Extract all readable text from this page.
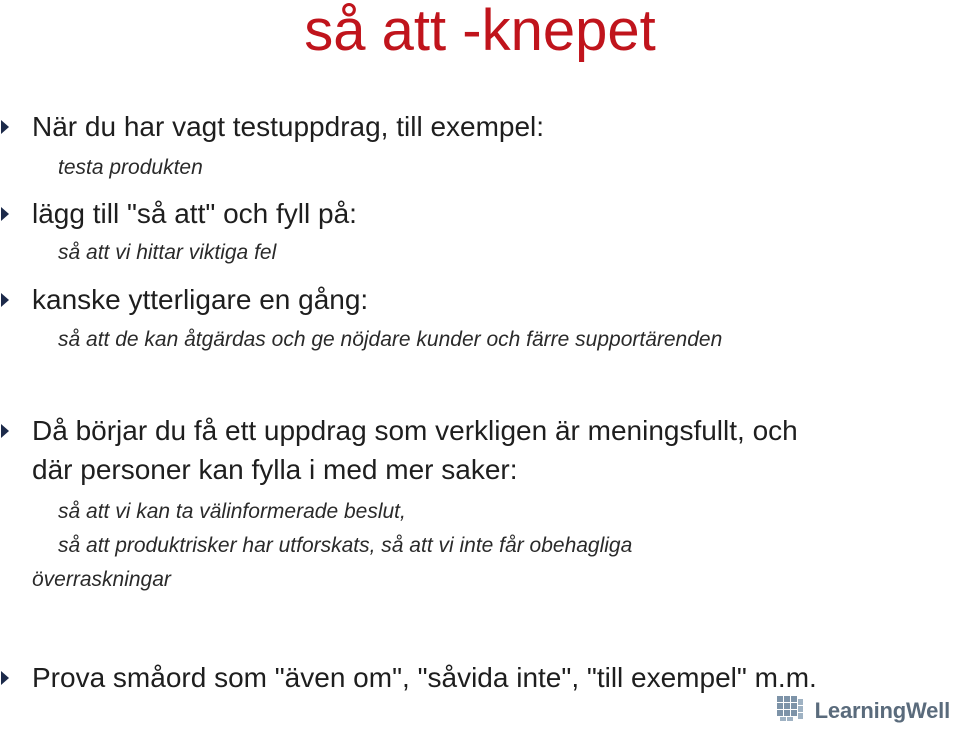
så att -knepet
När du har vagt testuppdrag, till exempel:
testa produkten
lägg till "så att" och fyll på:
så att vi hittar viktiga fel
kanske ytterligare en gång:
så att de kan åtgärdas och ge nöjdare kunder och färre supportärenden
Då börjar du få ett uppdrag som verkligen är meningsfullt, och
där personer kan fylla i med mer saker:
så att vi kan ta välinformerade beslut,
så att produktrisker har utforskats, så att vi inte får obehagliga
överraskningar
Prova småord som "även om", "såvida inte", "till exempel" m.m.
LearningWell
